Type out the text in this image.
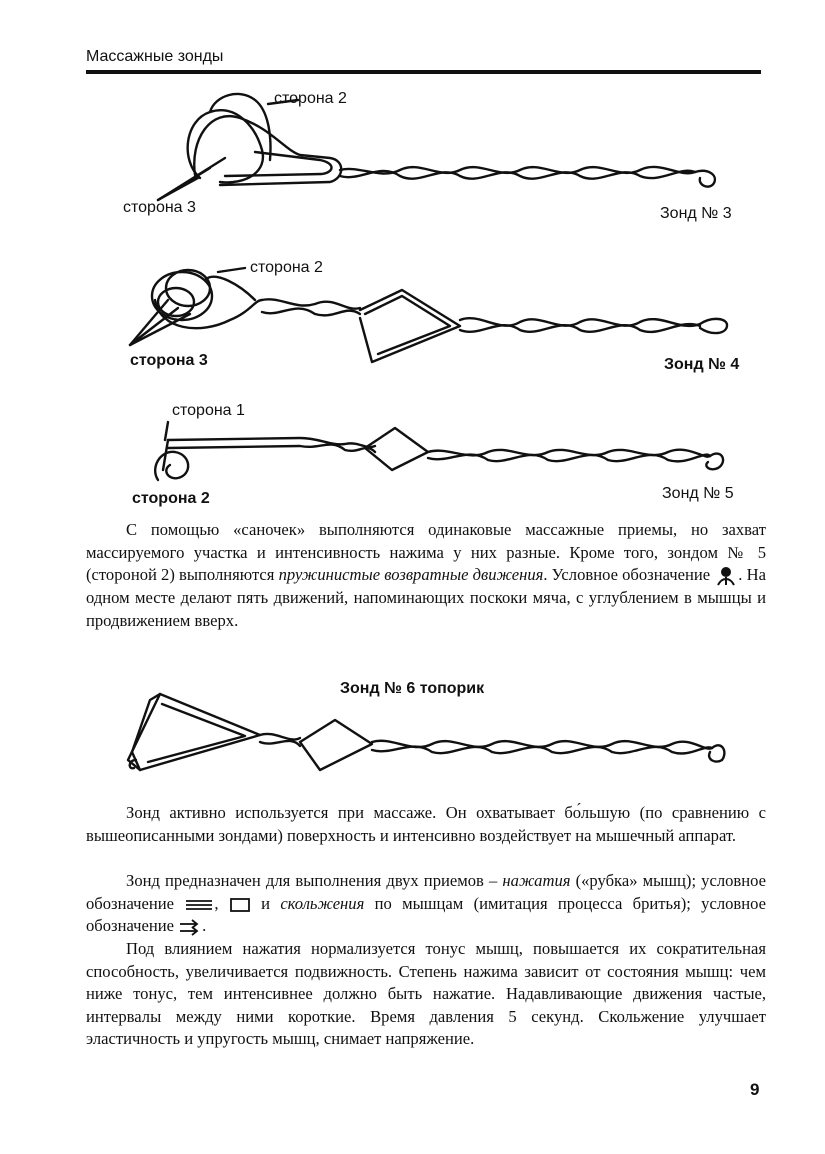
Массажные зонды
сторона 2
сторона 3	Зонд № 3
сторона 2
сторона 3	Зонд № 4
сторона 1
сторона 2	Зонд № 5

С помощью «саночек» выполняются одинаковые массажные приемы, но захват массируемого участка и интенсивность нажима у них разные. Кроме того, зондом № 5 (стороной 2) выполняются пружинистые возвратные движения. Условное обозначение . На одном месте делают пять движений, напоминающих поскоки мяча, с углублением в мышцы и продвижением вверх.

Зонд № 6 топорик

Зонд активно используется при массаже. Он охватывает бо́льшую (по сравнению с вышеописанными зондами) поверхность и интенсивно воздействует на мышечный аппарат.

Зонд предназначен для выполнения двух приемов – нажатия («рубка» мышц); условное обозначение ,  и скольжения по мышцам (имитация процесса бритья); условное обозначение .

Под влиянием нажатия нормализуется тонус мышц, повышается их сократительная способность, увеличивается подвижность. Степень нажима зависит от состояния мышц: чем ниже тонус, тем интенсивнее должно быть нажатие. Надавливающие движения частые, интервалы между ними короткие. Время давления 5 секунд. Скольжение улучшает эластичность и упругость мышц, снимает напряжение.

9
